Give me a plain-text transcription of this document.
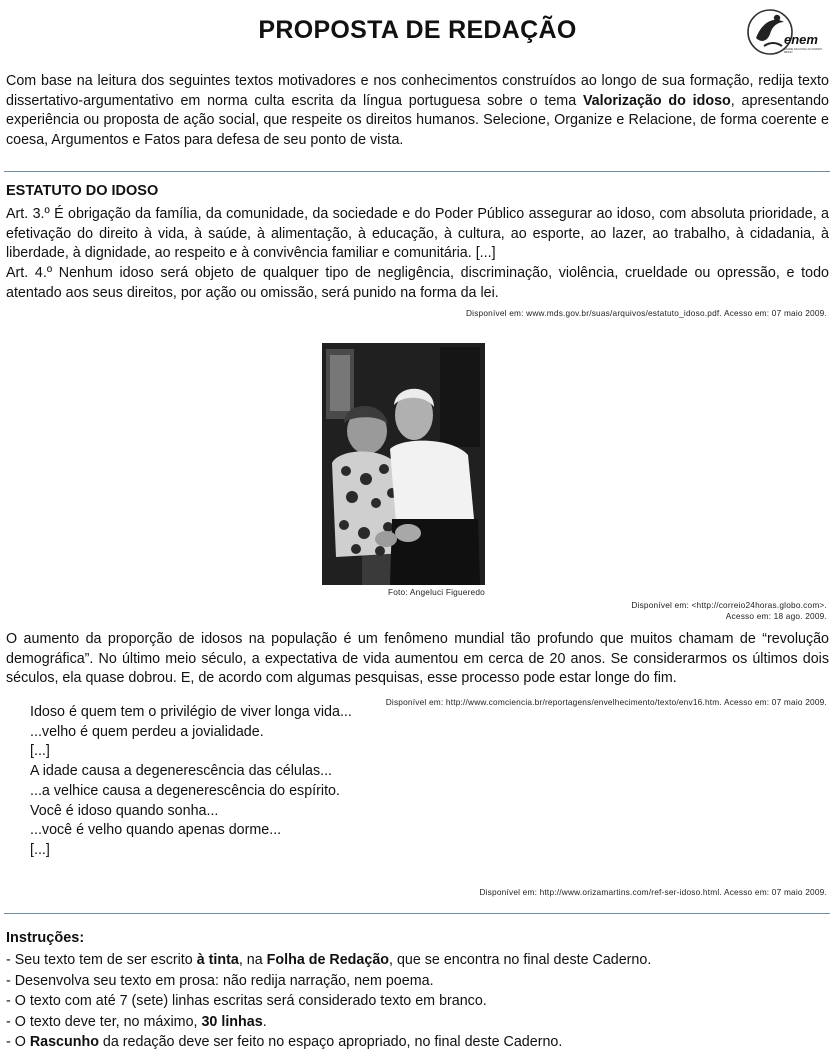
PROPOSTA DE REDAÇÃO	enem
EXAME NACIONAL DO ENSINO MÉDIO
Com base na leitura dos seguintes textos motivadores e nos conhecimentos construídos ao longo de sua formação, redija texto dissertativo-argumentativo em norma culta escrita da língua portuguesa sobre o tema Valorização do idoso, apresentando experiência ou proposta de ação social, que respeite os direitos humanos. Selecione, Organize e Relacione, de forma coerente e coesa, Argumentos e Fatos para defesa de seu ponto de vista.
ESTATUTO DO IDOSO
Art. 3.º É obrigação da família, da comunidade, da sociedade e do Poder Público assegurar ao idoso, com absoluta prioridade, a efetivação do direito à vida, à saúde, à alimentação, à educação, à cultura, ao esporte, ao lazer, ao trabalho, à cidadania, à liberdade, à dignidade, ao respeito e à convivência familiar e comunitária. [...]
Art. 4.º Nenhum idoso será objeto de qualquer tipo de negligência, discriminação, violência, crueldade ou opressão, e todo atentado aos seus direitos, por ação ou omissão, será punido na forma da lei.
Disponível em: www.mds.gov.br/suas/arquivos/estatuto_idoso.pdf. Acesso em: 07 maio 2009.
Foto: Angeluci Figueredo
Disponível em: <http://correio24horas.globo.com>.
Acesso em: 18 ago. 2009.
O aumento da proporção de idosos na população é um fenômeno mundial tão profundo que muitos chamam de “revolução demográfica”. No último meio século, a expectativa de vida aumentou em cerca de 20 anos. Se considerarmos os últimos dois séculos, ela quase dobrou. E, de acordo com algumas pesquisas, esse processo pode estar longe do fim.
Disponível em: http://www.comciencia.br/reportagens/envelhecimento/texto/env16.htm. Acesso em: 07 maio 2009.
Idoso é quem tem o privilégio de viver longa vida...
...velho é quem perdeu a jovialidade.
[...]
A idade causa a degenerescência das células...
...a velhice causa a degenerescência do espírito.
Você é idoso quando sonha...
...você é velho quando apenas dorme...
[...]
Disponível em: http://www.orizamartins.com/ref-ser-idoso.html. Acesso em: 07 maio 2009.
Instruções:
- Seu texto tem de ser escrito à tinta, na Folha de Redação, que se encontra no final deste Caderno.
- Desenvolva seu texto em prosa: não redija narração, nem poema.
- O texto com até 7 (sete) linhas escritas será considerado texto em branco.
- O texto deve ter, no máximo, 30 linhas.
- O Rascunho da redação deve ser feito no espaço apropriado, no final deste Caderno.
